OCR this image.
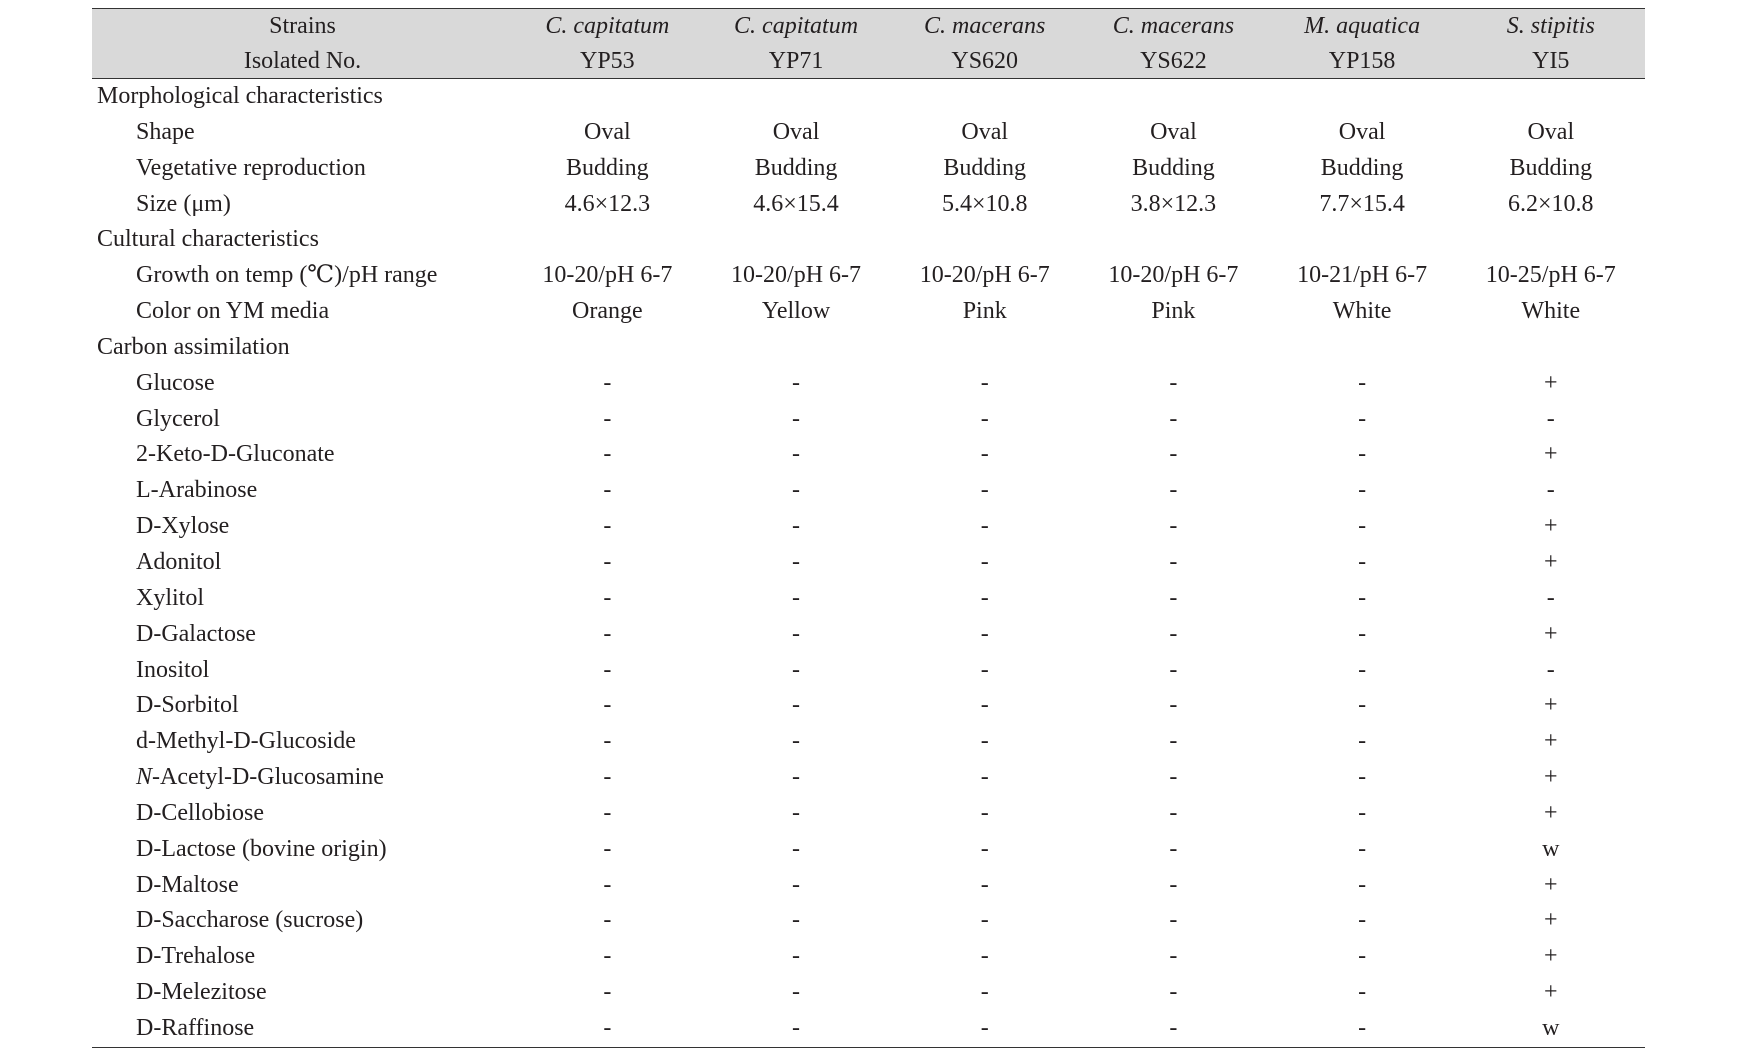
Strains	C. capitatum	C. capitatum	C. macerans	C. macerans	M. aquatica	S. stipitis
Isolated No.	YP53	YP71	YS620	YS622	YP158	YI5
Morphological characteristics						
Shape	Oval	Oval	Oval	Oval	Oval	Oval
Vegetative reproduction	Budding	Budding	Budding	Budding	Budding	Budding
Size (μm)	4.6×12.3	4.6×15.4	5.4×10.8	3.8×12.3	7.7×15.4	6.2×10.8
Cultural characteristics						
Growth on temp (℃)/pH range	10-20/pH 6-7	10-20/pH 6-7	10-20/pH 6-7	10-20/pH 6-7	10-21/pH 6-7	10-25/pH 6-7
Color on YM media	Orange	Yellow	Pink	Pink	White	White
Carbon assimilation						
Glucose	-	-	-	-	-	+
Glycerol	-	-	-	-	-	-
2-Keto-D-Gluconate	-	-	-	-	-	+
L-Arabinose	-	-	-	-	-	-
D-Xylose	-	-	-	-	-	+
Adonitol	-	-	-	-	-	+
Xylitol	-	-	-	-	-	-
D-Galactose	-	-	-	-	-	+
Inositol	-	-	-	-	-	-
D-Sorbitol	-	-	-	-	-	+
d-Methyl-D-Glucoside	-	-	-	-	-	+
N-Acetyl-D-Glucosamine	-	-	-	-	-	+
D-Cellobiose	-	-	-	-	-	+
D-Lactose (bovine origin)	-	-	-	-	-	w
D-Maltose	-	-	-	-	-	+
D-Saccharose (sucrose)	-	-	-	-	-	+
D-Trehalose	-	-	-	-	-	+
D-Melezitose	-	-	-	-	-	+
D-Raffinose	-	-	-	-	-	w
